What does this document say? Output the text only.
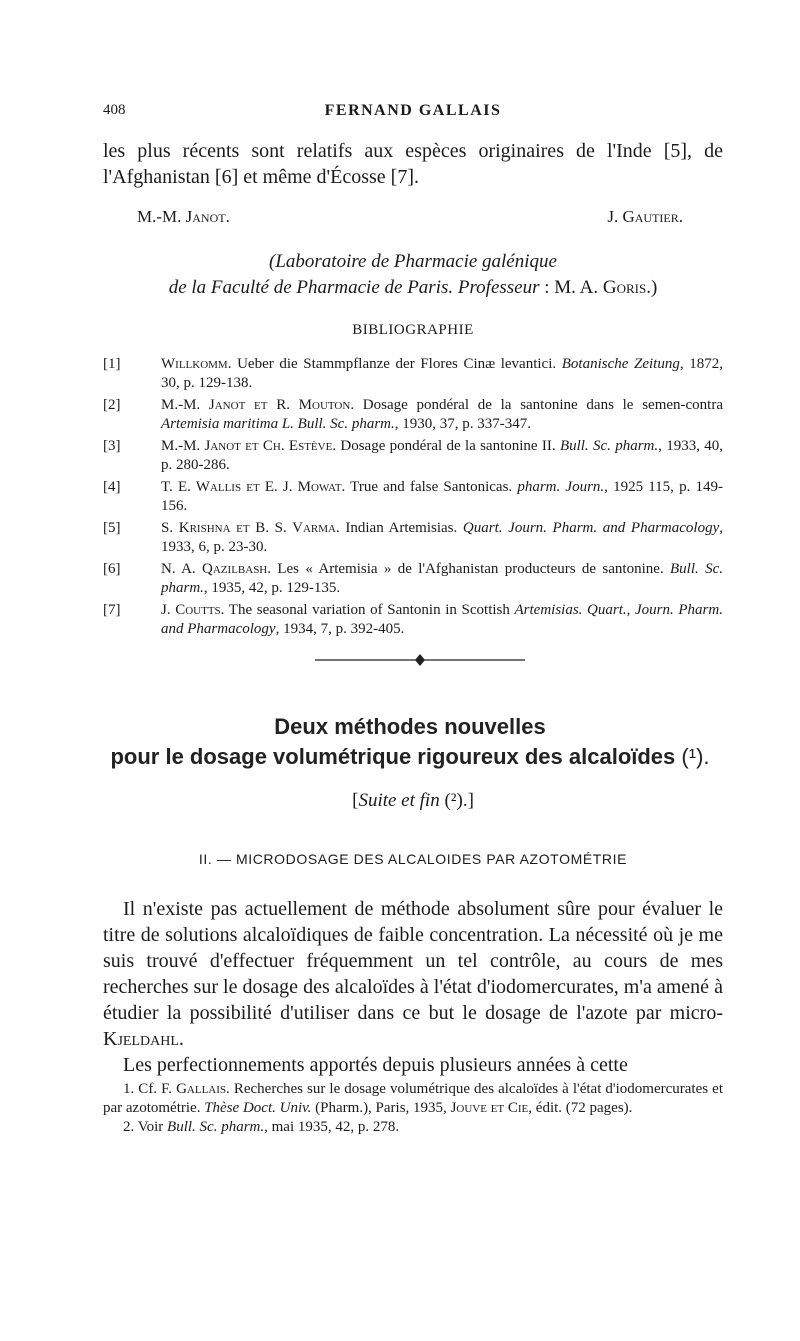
408	FERNAND GALLAIS
les plus récents sont relatifs aux espèces originaires de l'Inde [5], de l'Afghanistan [6] et même d'Écosse [7].
M.-M. Janot.	J. Gautier.
(Laboratoire de Pharmacie galénique
de la Faculté de Pharmacie de Paris. Professeur : M. A. Goris.)
BIBLIOGRAPHIE
[1]	Willkomm. Ueber die Stammpflanze der Flores Cinæ levantici. Botanische Zeitung, 1872, 30, p. 129-138.
[2]	M.-M. Janot et R. Mouton. Dosage pondéral de la santonine dans le semen-contra Artemisia maritima L. Bull. Sc. pharm., 1930, 37, p. 337-347.
[3]	M.-M. Janot et Ch. Estève. Dosage pondéral de la santonine II. Bull. Sc. pharm., 1933, 40, p. 280-286.
[4]	T. E. Wallis et E. J. Mowat. True and false Santonicas. pharm. Journ., 1925 115, p. 149-156.
[5]	S. Krishna et B. S. Varma. Indian Artemisias. Quart. Journ. Pharm. and Pharmacology, 1933, 6, p. 23-30.
[6]	N. A. Qazilbash. Les « Artemisia » de l'Afghanistan producteurs de santonine. Bull. Sc. pharm., 1935, 42, p. 129-135.
[7]	J. Coutts. The seasonal variation of Santonin in Scottish Artemisias. Quart., Journ. Pharm. and Pharmacology, 1934, 7, p. 392-405.
Deux méthodes nouvelles
pour le dosage volumétrique rigoureux des alcaloïdes (¹).
[Suite et fin (²).]
II. — MICRODOSAGE DES ALCALOIDES PAR AZOTOMÉTRIE

Il n'existe pas actuellement de méthode absolument sûre pour évaluer le titre de solutions alcaloïdiques de faible concentration. La nécessité où je me suis trouvé d'effectuer fréquemment un tel contrôle, au cours de mes recherches sur le dosage des alcaloïdes à l'état d'iodomercurates, m'a amené à étudier la possibilité d'utiliser dans ce but le dosage de l'azote par micro-Kjeldahl.

Les perfectionnements apportés depuis plusieurs années à cette

1. Cf. F. Gallais. Recherches sur le dosage volumétrique des alcaloïdes à l'état d'iodomercurates et par azotométrie. Thèse Doct. Univ. (Pharm.), Paris, 1935, Jouve et Cie, édit. (72 pages).

2. Voir Bull. Sc. pharm., mai 1935, 42, p. 278.
